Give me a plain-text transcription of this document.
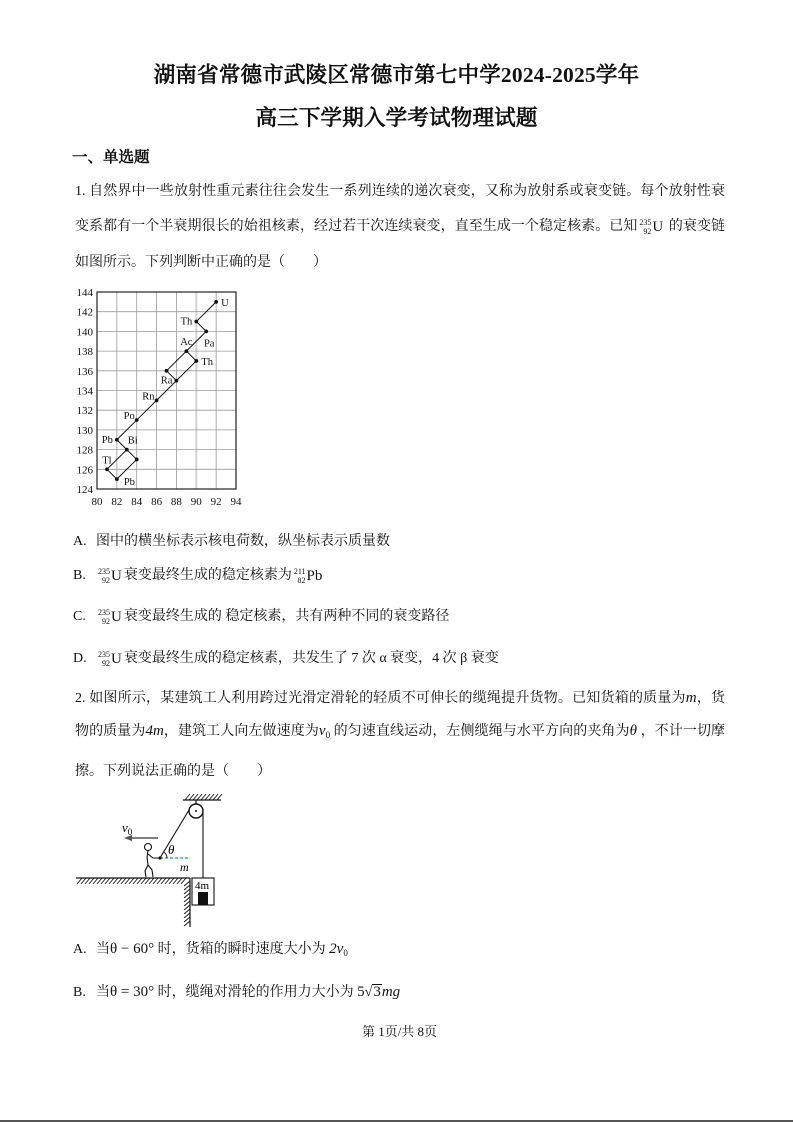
湖南省常德市武陵区常德市第七中学2024-2025学年
高三下学期入学考试物理试题
一、单选题
1. 自然界中一些放射性重元素往往会发生一系列连续的递次衰变，又称为放射系或衰变链。每个放射性衰
变系都有一个半衰期很长的始祖核素，经过若干次连续衰变，直至生成一个稳定核素。已知 235
92 U 的衰变链
如图所示。下列判断中正确的是（　　）
80 82 84 86 88 90 92 94
124
126
128
130
132
134
136
138
140
142
144
U
Th
Pa
Ac
Th
Ra
Rn
Po
Pb Bi
Tl
Pb
A. 图中的横坐标表示核电荷数，纵坐标表示质量数
B. 235
92 U 衰变最终生成的稳定核素为 211
82 Pb
C. 235
92 U 衰变最终生成的 稳定核素，共有两种不同的衰变路径
D. 235
92 U 衰变最终生成的稳定核素，共发生了 7 次 α 衰变，4 次 β 衰变
2. 如图所示，某建筑工人利用跨过光滑定滑轮的轻质不可伸长的缆绳提升货物。已知货箱的质量为m，货
物的质量为4m，建筑工人向左做速度为$v_0$ 的匀速直线运动，左侧缆绳与水平方向的夹角为θ ，不计一切摩
擦。下列说法正确的是（　　）
θ
m
$v_0$
4m
A. 当θ − 60° 时，货箱的瞬时速度大小为 $2v_0$
B. 当θ = 30° 时，缆绳对滑轮的作用力大小为 5√3mg
第 1页/共 8页
